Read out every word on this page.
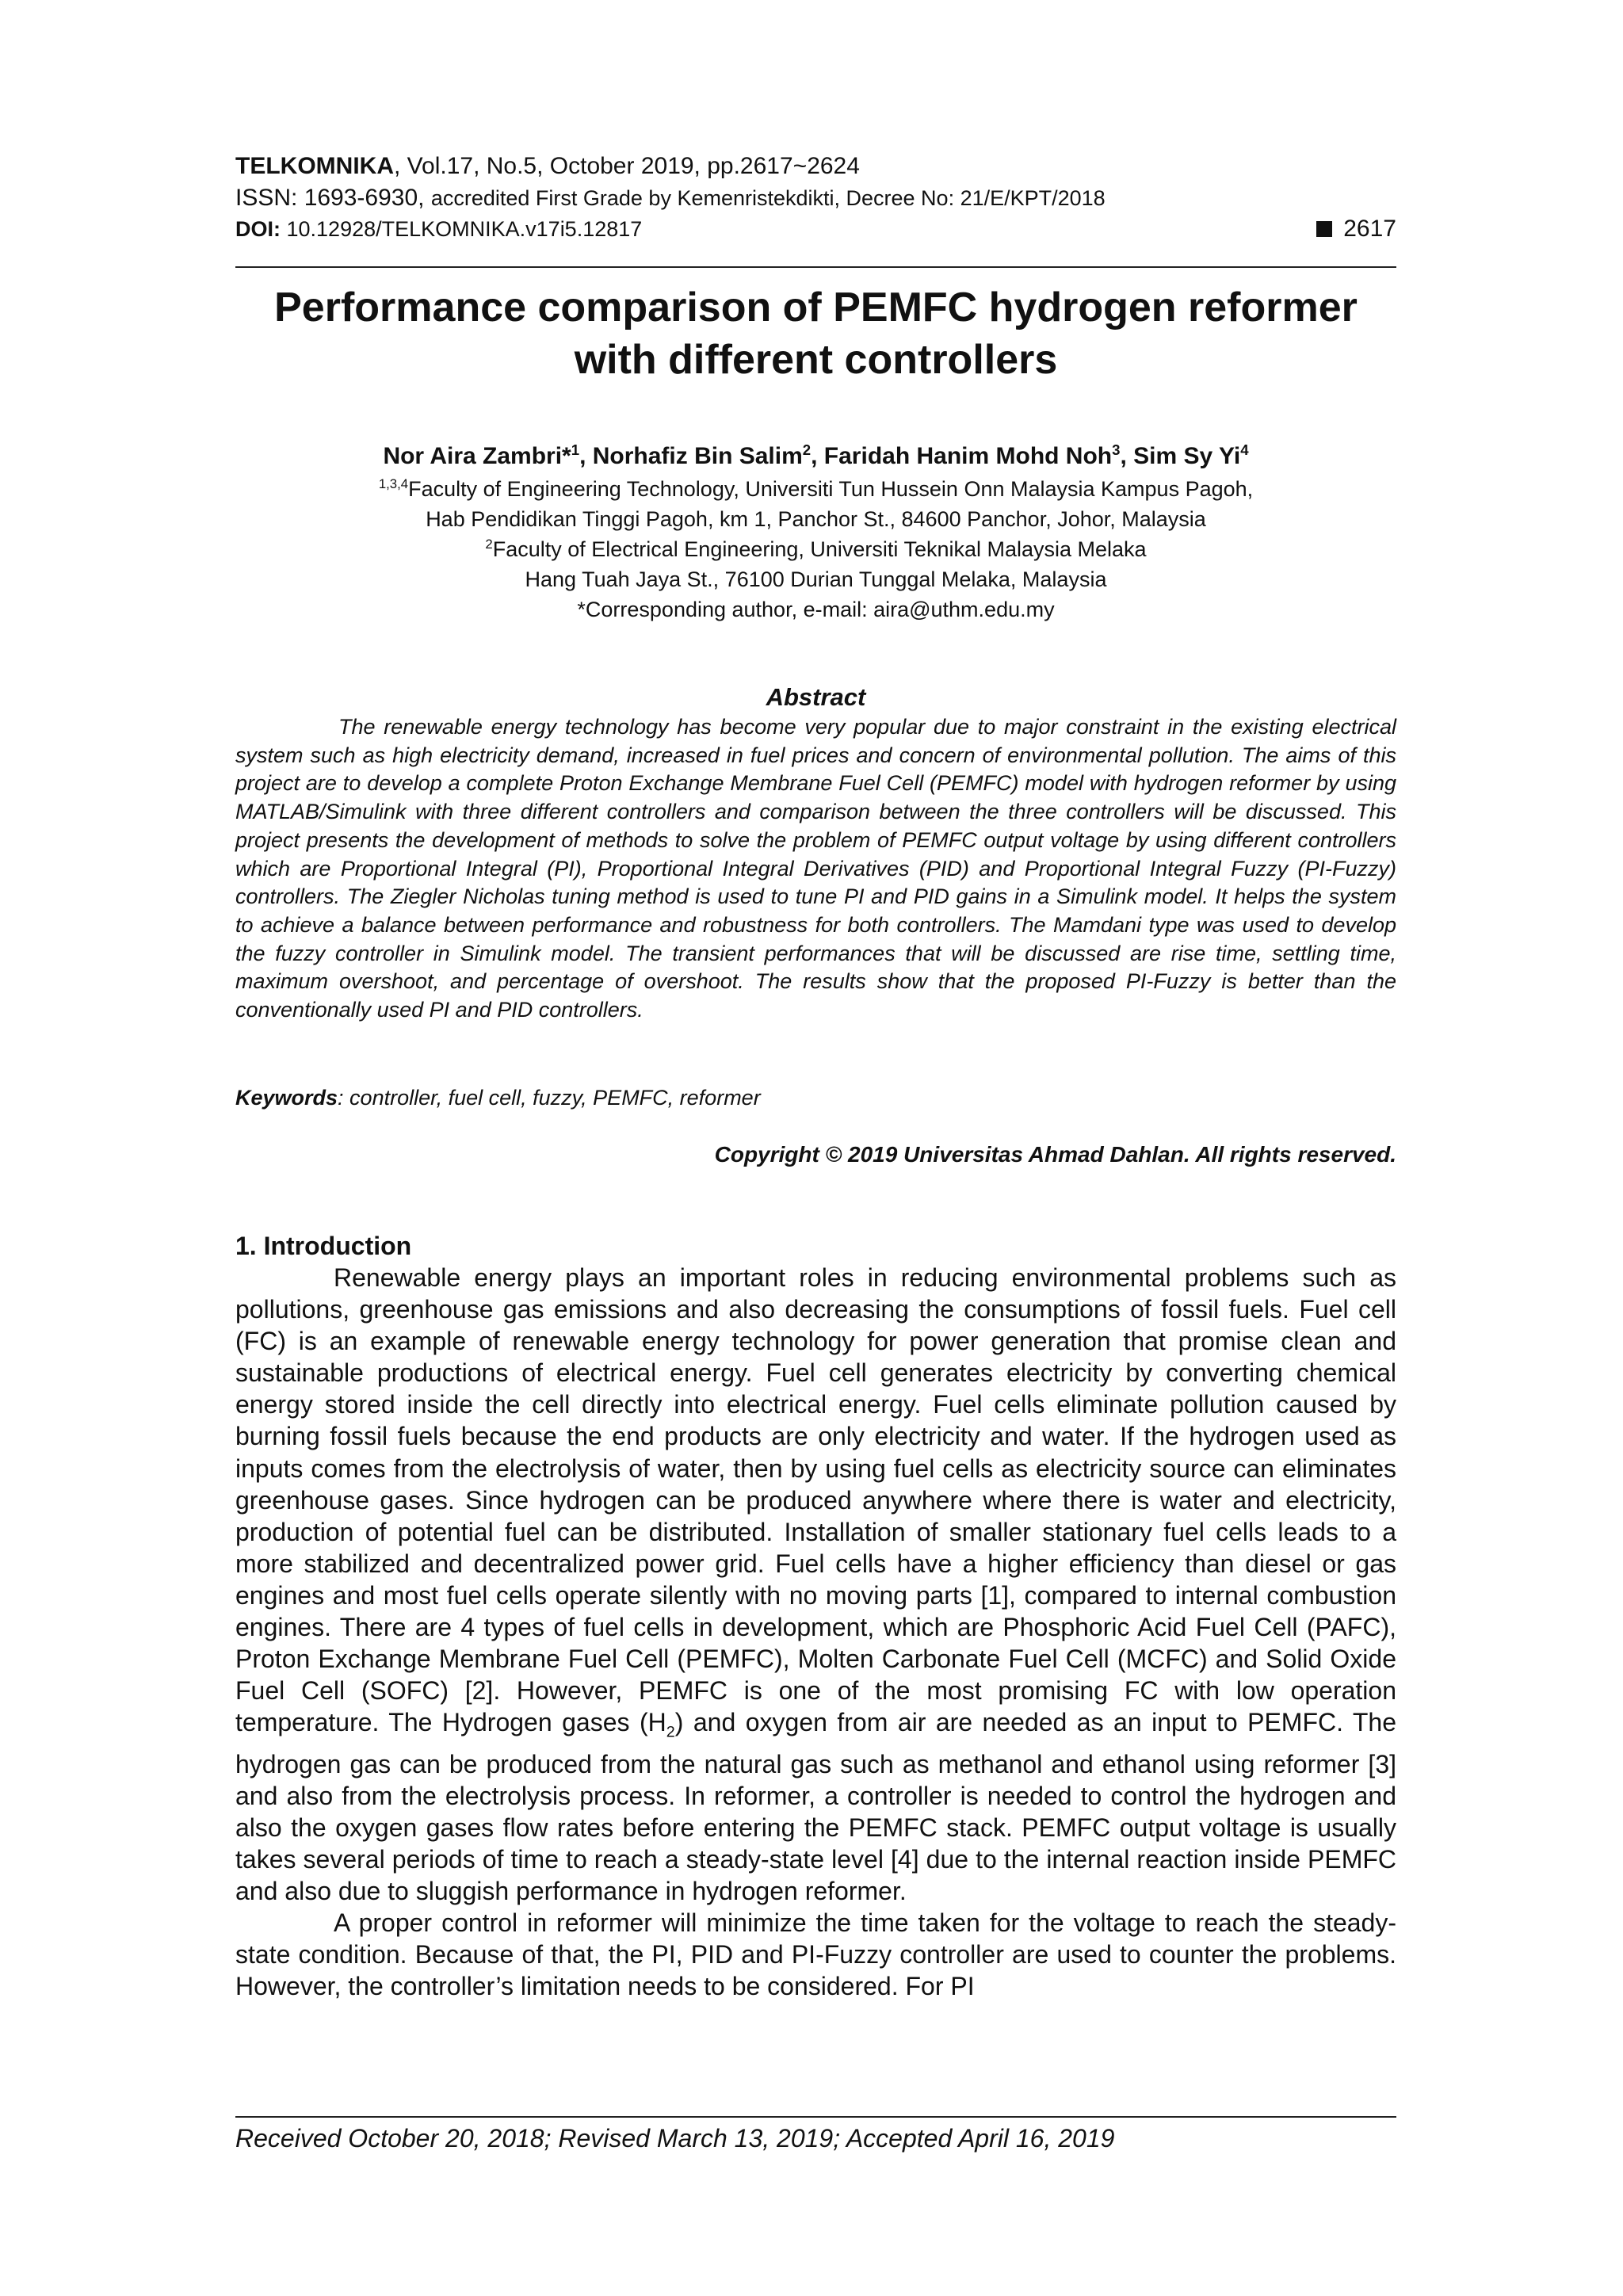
TELKOMNIKA, Vol.17, No.5, October 2019, pp.2617~2624
ISSN: 1693-6930, accredited First Grade by Kemenristekdikti, Decree No: 21/E/KPT/2018
DOI: 10.12928/TELKOMNIKA.v17i5.12817	2617
Performance comparison of PEMFC hydrogen reformer
with different controllers
Nor Aira Zambri*$^1$, Norhafiz Bin Salim$^2$, Faridah Hanim Mohd Noh$^3$, Sim Sy Yi$^4$
$^{1,3,4}$Faculty of Engineering Technology, Universiti Tun Hussein Onn Malaysia Kampus Pagoh,
Hab Pendidikan Tinggi Pagoh, km 1, Panchor St., 84600 Panchor, Johor, Malaysia
$^2$Faculty of Electrical Engineering, Universiti Teknikal Malaysia Melaka
Hang Tuah Jaya St., 76100 Durian Tunggal Melaka, Malaysia
*Corresponding author, e-mail: aira@uthm.edu.my
Abstract

The renewable energy technology has become very popular due to major constraint in the existing electrical system such as high electricity demand, increased in fuel prices and concern of environmental pollution. The aims of this project are to develop a complete Proton Exchange Membrane Fuel Cell (PEMFC) model with hydrogen reformer by using MATLAB/Simulink with three different controllers and comparison between the three controllers will be discussed. This project presents the development of methods to solve the problem of PEMFC output voltage by using different controllers which are Proportional Integral (PI), Proportional Integral Derivatives (PID) and Proportional Integral Fuzzy (PI-Fuzzy) controllers. The Ziegler Nicholas tuning method is used to tune PI and PID gains in a Simulink model. It helps the system to achieve a balance between performance and robustness for both controllers. The Mamdani type was used to develop the fuzzy controller in Simulink model. The transient performances that will be discussed are rise time, settling time, maximum overshoot, and percentage of overshoot. The results show that the proposed PI-Fuzzy is better than the conventionally used PI and PID controllers.

Keywords: controller, fuel cell, fuzzy, PEMFC, reformer
Copyright © 2019 Universitas Ahmad Dahlan. All rights reserved.
1. Introduction

Renewable energy plays an important roles in reducing environmental problems such as pollutions, greenhouse gas emissions and also decreasing the consumptions of fossil fuels. Fuel cell (FC) is an example of renewable energy technology for power generation that promise clean and sustainable productions of electrical energy. Fuel cell generates electricity by converting chemical energy stored inside the cell directly into electrical energy. Fuel cells eliminate pollution caused by burning fossil fuels because the end products are only electricity and water. If the hydrogen used as inputs comes from the electrolysis of water, then by using fuel cells as electricity source can eliminates greenhouse gases. Since hydrogen can be produced anywhere where there is water and electricity, production of potential fuel can be distributed. Installation of smaller stationary fuel cells leads to a more stabilized and decentralized power grid. Fuel cells have a higher efficiency than diesel or gas engines and most fuel cells operate silently with no moving parts [1], compared to internal combustion engines. There are 4 types of fuel cells in development, which are Phosphoric Acid Fuel Cell (PAFC), Proton Exchange Membrane Fuel Cell (PEMFC), Molten Carbonate Fuel Cell (MCFC) and Solid Oxide Fuel Cell (SOFC) [2]. However, PEMFC is one of the most promising FC with low operation temperature. The Hydrogen gases $(H_2)$ and oxygen from air are needed as an input to PEMFC. The hydrogen gas can be produced from the natural gas such as methanol and ethanol using reformer [3] and also from the electrolysis process. In reformer, a controller is needed to control the hydrogen and also the oxygen gases flow rates before entering the PEMFC stack. PEMFC output voltage is usually takes several periods of time to reach a steady-state level [4] due to the internal reaction inside PEMFC and also due to sluggish performance in hydrogen reformer.

A proper control in reformer will minimize the time taken for the voltage to reach the steady-state condition. Because of that, the PI, PID and PI-Fuzzy controller are used to counter the problems. However, the controller’s limitation needs to be considered. For PI

Received October 20, 2018; Revised March 13, 2019; Accepted April 16, 2019
